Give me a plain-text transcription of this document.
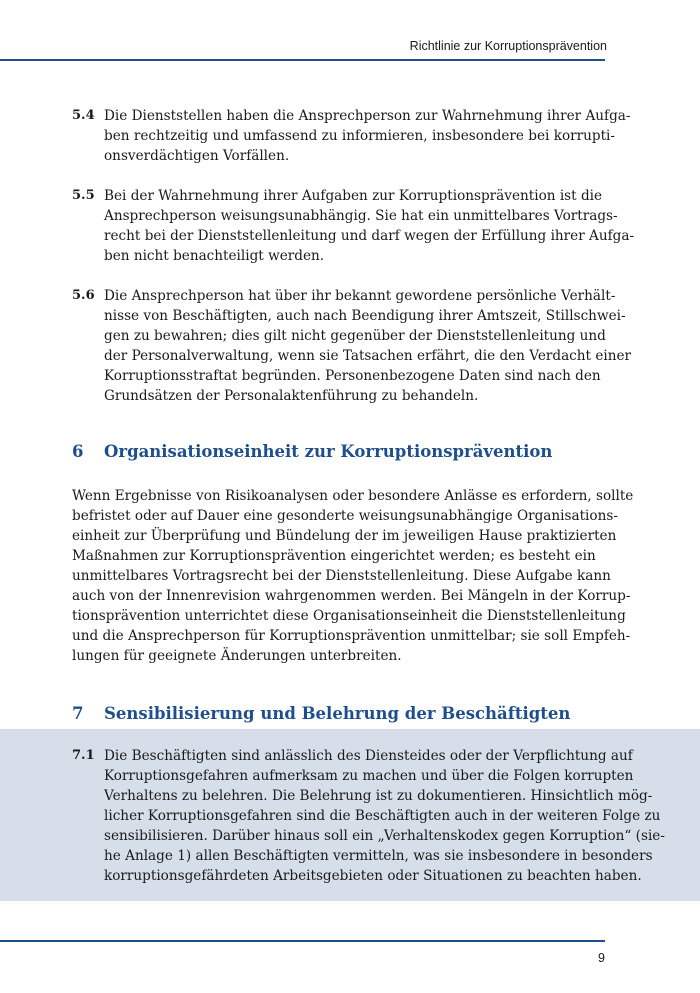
Richtlinie zur Korruptionsprävention
5.4 Die Dienststellen haben die Ansprechperson zur Wahrnehmung ihrer Aufga-
ben rechtzeitig und umfassend zu informieren, insbesondere bei korrupti-
onsverdächtigen Vorfällen.
5.5 Bei der Wahrnehmung ihrer Aufgaben zur Korruptionsprävention ist die
Ansprechperson weisungsunabhängig. Sie hat ein unmittelbares Vortrags-
recht bei der Dienststellenleitung und darf wegen der Erfüllung ihrer Aufga-
ben nicht benachteiligt werden.
5.6 Die Ansprechperson hat über ihr bekannt gewordene persönliche Verhält-
nisse von Beschäftigten, auch nach Beendigung ihrer Amtszeit, Stillschwei-
gen zu bewahren; dies gilt nicht gegenüber der Dienststellenleitung und
der Personalverwaltung, wenn sie Tatsachen erfährt, die den Verdacht einer
Korruptionsstraftat begründen. Personenbezogene Daten sind nach den
Grundsätzen der Personalaktenführung zu behandeln.
6 Organisationseinheit zur Korruptionsprävention
Wenn Ergebnisse von Risikoanalysen oder besondere Anlässe es erfordern, sollte
befristet oder auf Dauer eine gesonderte weisungsunabhängige Organisations-
einheit zur Überprüfung und Bündelung der im jeweiligen Hause praktizierten
Maßnahmen zur Korruptionsprävention eingerichtet werden; es besteht ein
unmittelbares Vortragsrecht bei der Dienststellenleitung. Diese Aufgabe kann
auch von der Innenrevision wahrgenommen werden. Bei Mängeln in der Korrup-
tionsprävention unterrichtet diese Organisationseinheit die Dienststellenleitung
und die Ansprechperson für Korruptionsprävention unmittelbar; sie soll Empfeh-
lungen für geeignete Änderungen unterbreiten.
7 Sensibilisierung und Belehrung der Beschäftigten
7.1 Die Beschäftigten sind anlässlich des Diensteides oder der Verpflichtung auf
Korruptionsgefahren aufmerksam zu machen und über die Folgen korrupten
Verhaltens zu belehren. Die Belehrung ist zu dokumentieren. Hinsichtlich mög-
licher Korruptionsgefahren sind die Beschäftigten auch in der weiteren Folge zu
sensibilisieren. Darüber hinaus soll ein „Verhaltenskodex gegen Korruption“ (sie-
he Anlage 1) allen Beschäftigten vermitteln, was sie insbesondere in besonders
korruptionsgefährdeten Arbeitsgebieten oder Situationen zu beachten haben.
9
